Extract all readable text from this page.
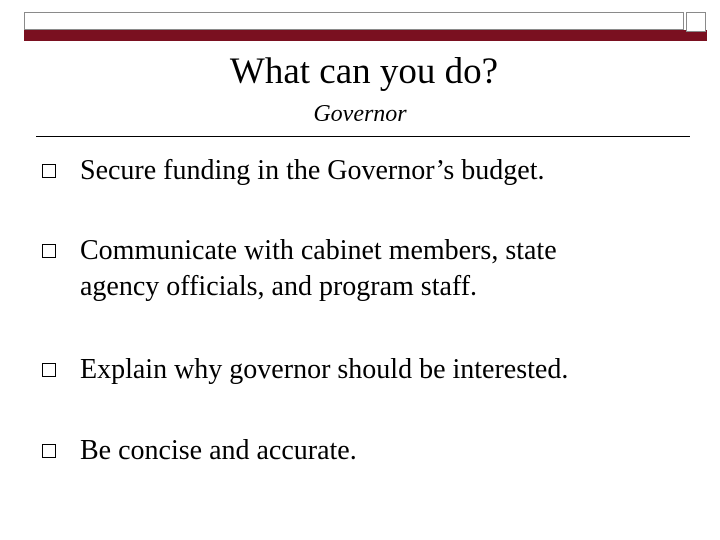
What can you do?
Governor
Secure funding in the Governor’s budget.
Communicate with cabinet members, state
agency officials, and program staff.
Explain why governor should be interested.
Be concise and accurate.
